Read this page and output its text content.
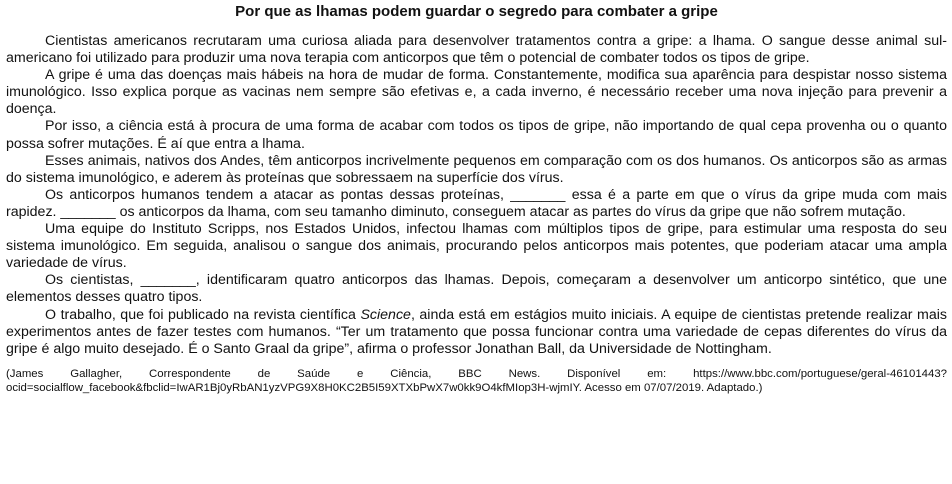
Por que as lhamas podem guardar o segredo para combater a gripe

Cientistas americanos recrutaram uma curiosa aliada para desenvolver tratamentos contra a gripe: a lhama. O sangue desse animal sul-americano foi utilizado para produzir uma nova terapia com anticorpos que têm o potencial de combater todos os tipos de gripe.

A gripe é uma das doenças mais hábeis na hora de mudar de forma. Constantemente, modifica sua aparência para despistar nosso sistema imunológico. Isso explica porque as vacinas nem sempre são efetivas e, a cada inverno, é necessário receber uma nova injeção para prevenir a doença.

Por isso, a ciência está à procura de uma forma de acabar com todos os tipos de gripe, não importando de qual cepa provenha ou o quanto possa sofrer mutações. É aí que entra a lhama.

Esses animais, nativos dos Andes, têm anticorpos incrivelmente pequenos em comparação com os dos humanos. Os anticorpos são as armas do sistema imunológico, e aderem às proteínas que sobressaem na superfície dos vírus.

Os anticorpos humanos tendem a atacar as pontas dessas proteínas, _______ essa é a parte em que o vírus da gripe muda com mais rapidez. _______ os anticorpos da lhama, com seu tamanho diminuto, conseguem atacar as partes do vírus da gripe que não sofrem mutação.

Uma equipe do Instituto Scripps, nos Estados Unidos, infectou lhamas com múltiplos tipos de gripe, para estimular uma resposta do seu sistema imunológico. Em seguida, analisou o sangue dos animais, procurando pelos anticorpos mais potentes, que poderiam atacar uma ampla variedade de vírus.

Os cientistas, _______, identificaram quatro anticorpos das lhamas. Depois, começaram a desenvolver um anticorpo sintético, que une elementos desses quatro tipos.

O trabalho, que foi publicado na revista científica Science, ainda está em estágios muito iniciais. A equipe de cientistas pretende realizar mais experimentos antes de fazer testes com humanos. “Ter um tratamento que possa funcionar contra uma variedade de cepas diferentes do vírus da gripe é algo muito desejado. É o Santo Graal da gripe”, afirma o professor Jonathan Ball, da Universidade de Nottingham.

(James Gallagher, Correspondente de Saúde e Ciência, BBC News. Disponível em: https://www.bbc.com/portuguese/geral-46101443?ocid=socialflow_facebook&fbclid=IwAR1Bj0yRbAN1yzVPG9X8H0KC2B5I59XTXbPwX7w0kk9O4kfMIop3H-wjmIY. Acesso em 07/07/2019. Adaptado.)
